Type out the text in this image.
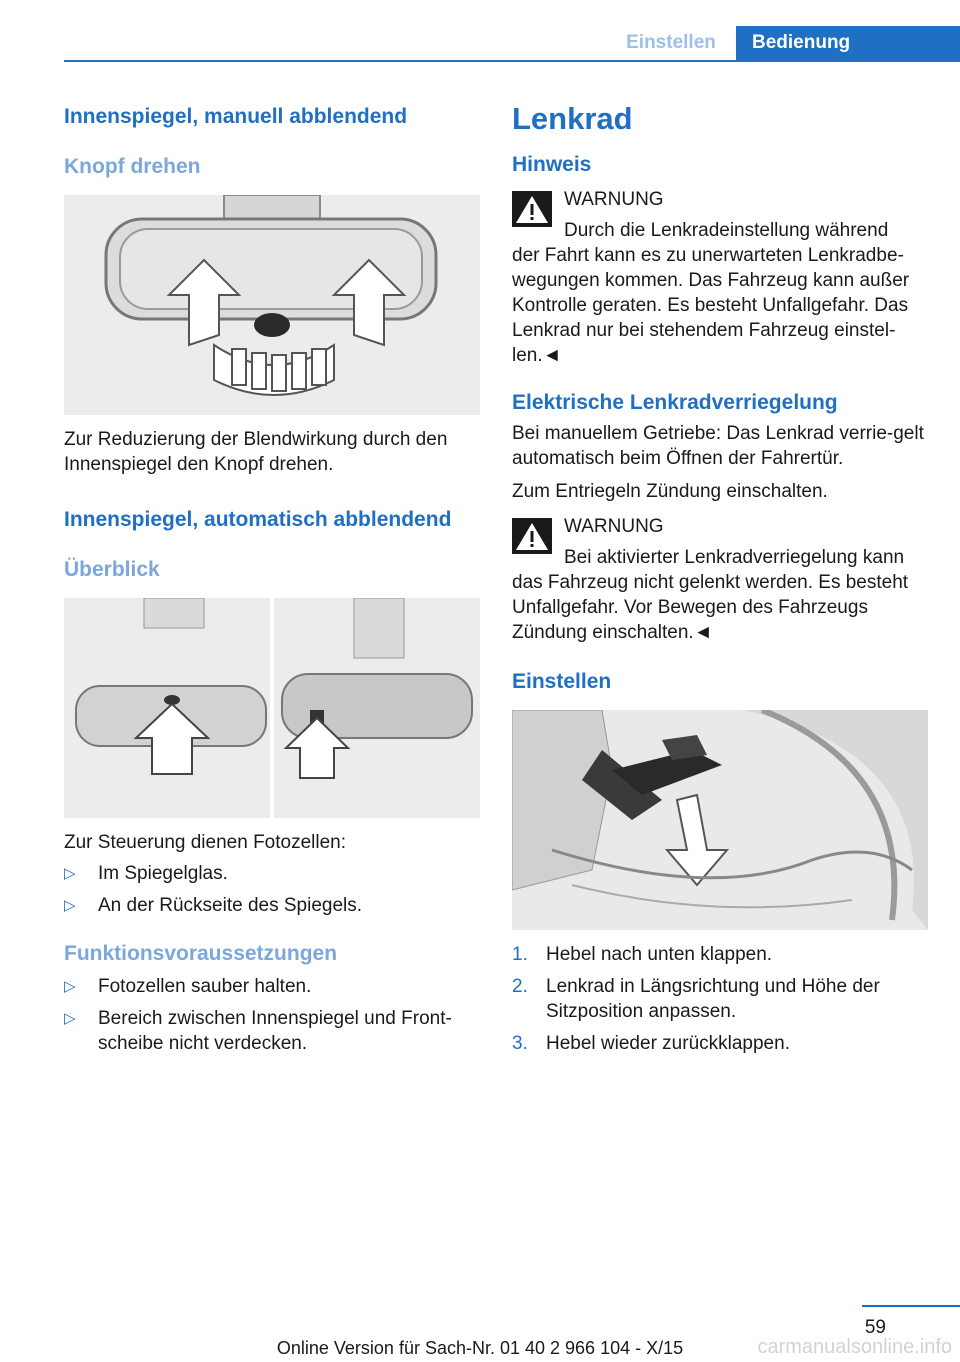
Einstellen	Bedienung
Innenspiegel, manuell abblendend
Knopf drehen

Zur Reduzierung der Blendwirkung durch den Innenspiegel den Knopf drehen.

Innenspiegel, automatisch abblendend
Überblick

Zur Steuerung dienen Fotozellen:

▷ Im Spiegelglas.
▷ An der Rückseite des Spiegels.
Funktionsvoraussetzungen
▷ Fotozellen sauber halten.
▷ Bereich zwischen Innenspiegel und Front‐scheibe nicht verdecken.
Lenkrad
Hinweis
WARNUNG
Durch die Lenkradeinstellung während

der Fahrt kann es zu unerwarteten Lenkradbe‐wegungen kommen. Das Fahrzeug kann außer Kontrolle geraten. Es besteht Unfallgefahr. Das Lenkrad nur bei stehendem Fahrzeug einstel‐len.◄

Elektrische Lenkradverriegelung

Bei manuellem Getriebe: Das Lenkrad verrie‐gelt automatisch beim Öffnen der Fahrertür.

Zum Entriegeln Zündung einschalten.

WARNUNG
Bei aktivierter Lenkradverriegelung kann

das Fahrzeug nicht gelenkt werden. Es besteht Unfallgefahr. Vor Bewegen des Fahrzeugs Zündung einschalten.◄

Einstellen
1. Hebel nach unten klappen.
2. Lenkrad in Längsrichtung und Höhe der Sitzposition anpassen.
3. Hebel wieder zurückklappen.
59
Online Version für Sach-Nr. 01 40 2 966 104 - X/15	carmanualsonline.info
